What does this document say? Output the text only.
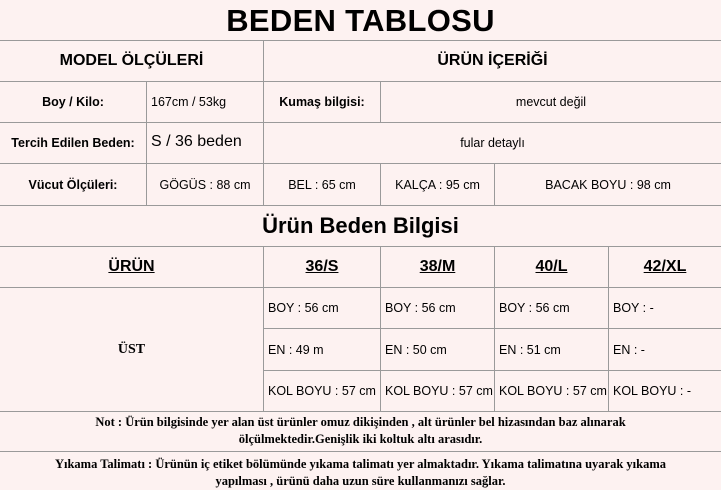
BEDEN TABLOSU
MODEL ÖLÇÜLERİ	ÜRÜN İÇERİĞİ
Boy / Kilo:	167cm / 53kg	Kumaş bilgisi:	mevcut değil
Tercih Edilen Beden:	S / 36 beden	fular detaylı
Vücut Ölçüleri:	GÖGÜS : 88 cm	BEL : 65 cm	KALÇA : 95 cm	BACAK BOYU : 98 cm
Ürün Beden Bilgisi
ÜRÜN	36/S	38/M	40/L	42/XL
ÜST
BOY : 56 cm	BOY : 56 cm	BOY : 56 cm	BOY : -
EN : 49 m	EN : 50 cm	EN : 51 cm	EN : -
KOL BOYU : 57 cm KOL BOYU : 57 cm KOL BOYU : 57 cm KOL BOYU : -
Not : Ürün bilgisinde yer alan üst ürünler omuz dikişinden , alt ürünler bel hizasından baz alınarak
ölçülmektedir.Genişlik iki koltuk altı arasıdır.
Yıkama Talimatı : Ürünün iç etiket bölümünde yıkama talimatı yer almaktadır. Yıkama talimatına uyarak yıkama
yapılması , ürünü daha uzun süre kullanmanızı sağlar.
